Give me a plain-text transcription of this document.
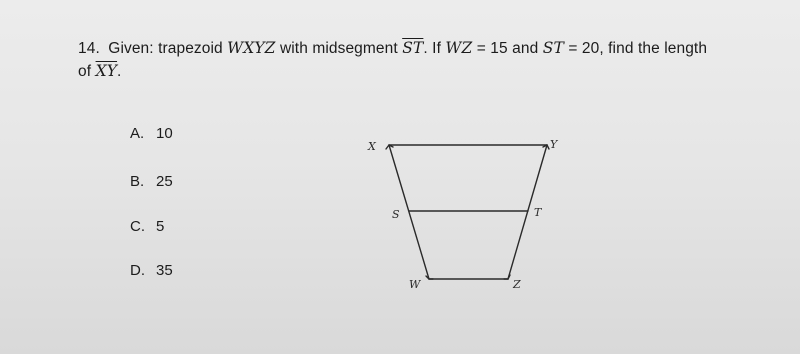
14. Given: trapezoid WXYZ with midsegment $\overline{ST}$. If WZ = 15 and ST = 20, find the length
of $\overline{XY}$.
A. 10
B. 25
C. 5
D. 35
X	Y
S	T
W	Z
